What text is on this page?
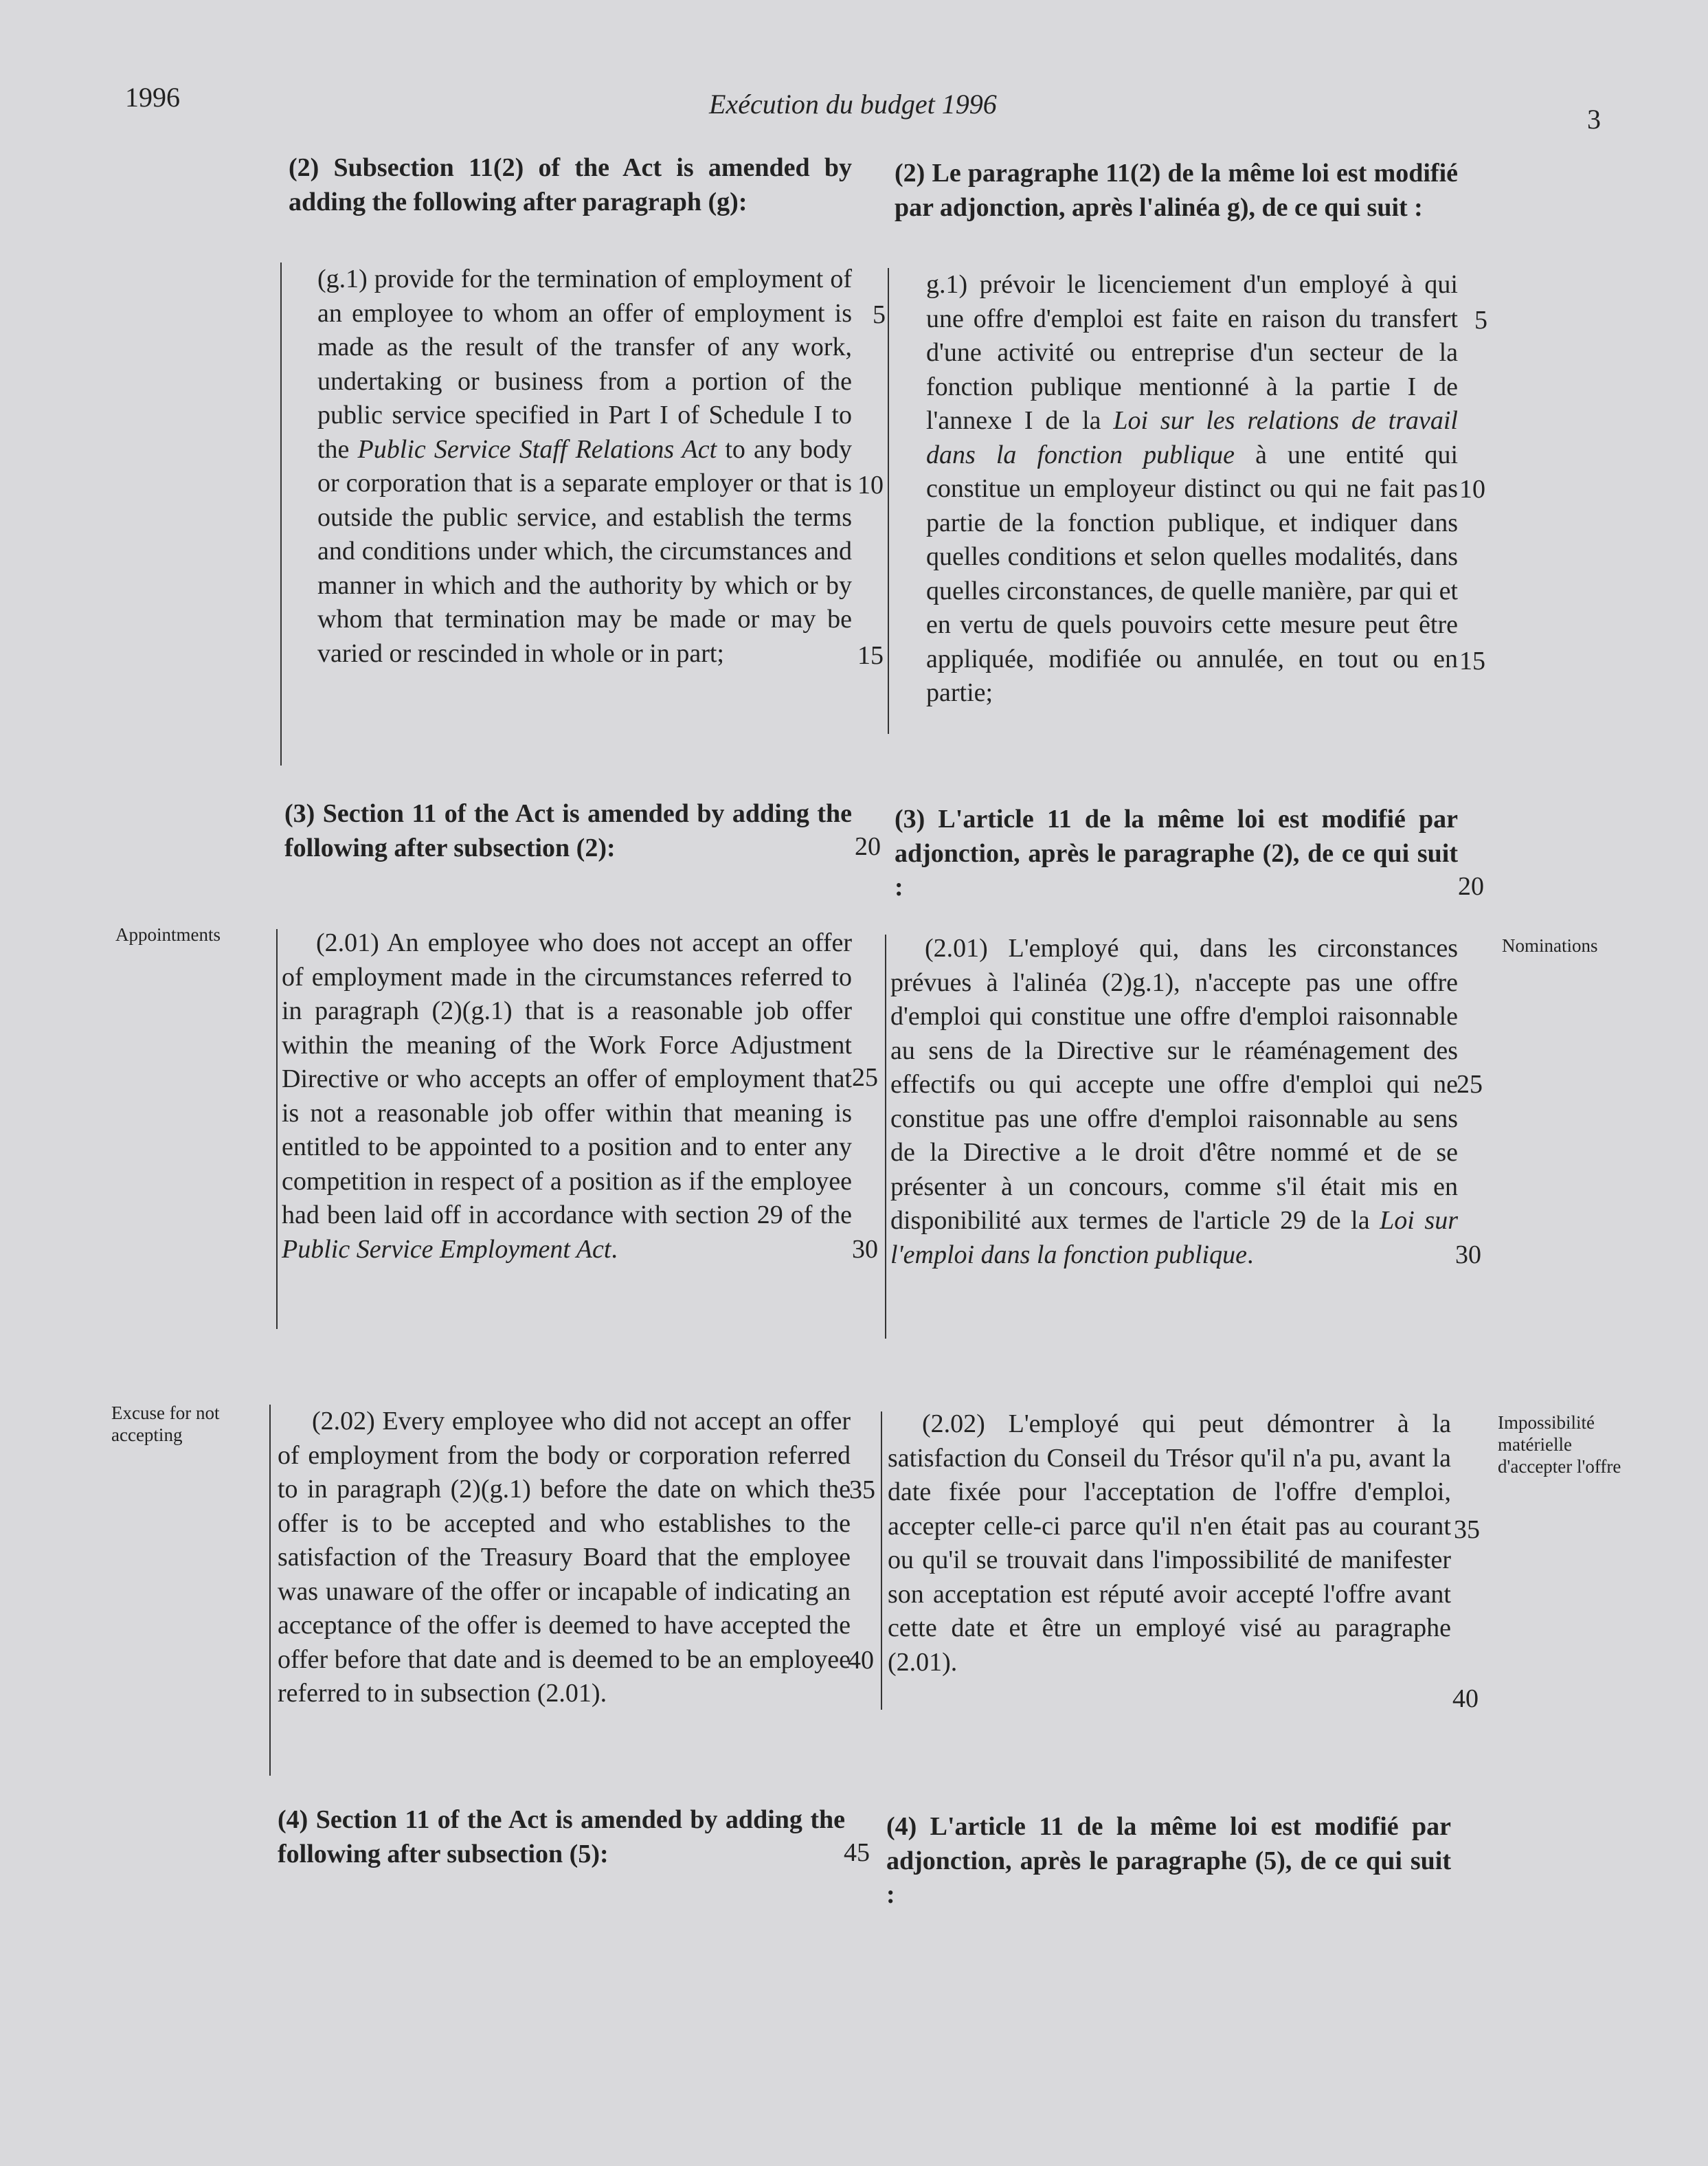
1996	Exécution du budget 1996	3
(2) Subsection 11(2) of the Act is amended by adding the following after paragraph (g):
(2) Le paragraphe 11(2) de la même loi est modifié par adjonction, après l'alinéa g), de ce qui suit :
(g.1) provide for the termination of employment of an employee to whom an offer of employment is made as the result of the transfer of any work, undertaking or business from a portion of the public service specified in Part I of Schedule I to the Public Service Staff Relations Act to any body or corporation that is a separate employer or that is outside the public service, and establish the terms and conditions under which, the circumstances and manner in which and the authority by which or by whom that termination may be made or may be varied or rescinded in whole or in part;
g.1) prévoir le licenciement d'un employé à qui une offre d'emploi est faite en raison du transfert d'une activité ou entreprise d'un secteur de la fonction publique mentionné à la partie I de l'annexe I de la Loi sur les relations de travail dans la fonction publique à une entité qui constitue un employeur distinct ou qui ne fait pas partie de la fonction publique, et indiquer dans quelles conditions et selon quelles modalités, dans quelles circonstances, de quelle manière, par qui et en vertu de quels pouvoirs cette mesure peut être appliquée, modifiée ou annulée, en tout ou en partie;
(3) Section 11 of the Act is amended by adding the following after subsection (2):
(3) L'article 11 de la même loi est modifié par adjonction, après le paragraphe (2), de ce qui suit :
Appointments
Nominations
(2.01) An employee who does not accept an offer of employment made in the circumstances referred to in paragraph (2)(g.1) that is a reasonable job offer within the meaning of the Work Force Adjustment Directive or who accepts an offer of employment that is not a reasonable job offer within that meaning is entitled to be appointed to a position and to enter any competition in respect of a position as if the employee had been laid off in accordance with section 29 of the Public Service Employment Act.
(2.01) L'employé qui, dans les circonstances prévues à l'alinéa (2)g.1), n'accepte pas une offre d'emploi qui constitue une offre d'emploi raisonnable au sens de la Directive sur le réaménagement des effectifs ou qui accepte une offre d'emploi qui ne constitue pas une offre d'emploi raisonnable au sens de la Directive a le droit d'être nommé et de se présenter à un concours, comme s'il était mis en disponibilité aux termes de l'article 29 de la Loi sur l'emploi dans la fonction publique.
Excuse for not accepting
Impossibilité matérielle d'accepter l'offre
(2.02) Every employee who did not accept an offer of employment from the body or corporation referred to in paragraph (2)(g.1) before the date on which the offer is to be accepted and who establishes to the satisfaction of the Treasury Board that the employee was unaware of the offer or incapable of indicating an acceptance of the offer is deemed to have accepted the offer before that date and is deemed to be an employee referred to in subsection (2.01).
(2.02) L'employé qui peut démontrer à la satisfaction du Conseil du Trésor qu'il n'a pu, avant la date fixée pour l'acceptation de l'offre d'emploi, accepter celle-ci parce qu'il n'en était pas au courant ou qu'il se trouvait dans l'impossibilité de manifester son acceptation est réputé avoir accepté l'offre avant cette date et être un employé visé au paragraphe (2.01).
(4) Section 11 of the Act is amended by adding the following after subsection (5):
(4) L'article 11 de la même loi est modifié par adjonction, après le paragraphe (5), de ce qui suit :
5
10
15
20
25
30
35
40
45
5
10
15
20
25
30
35
40
